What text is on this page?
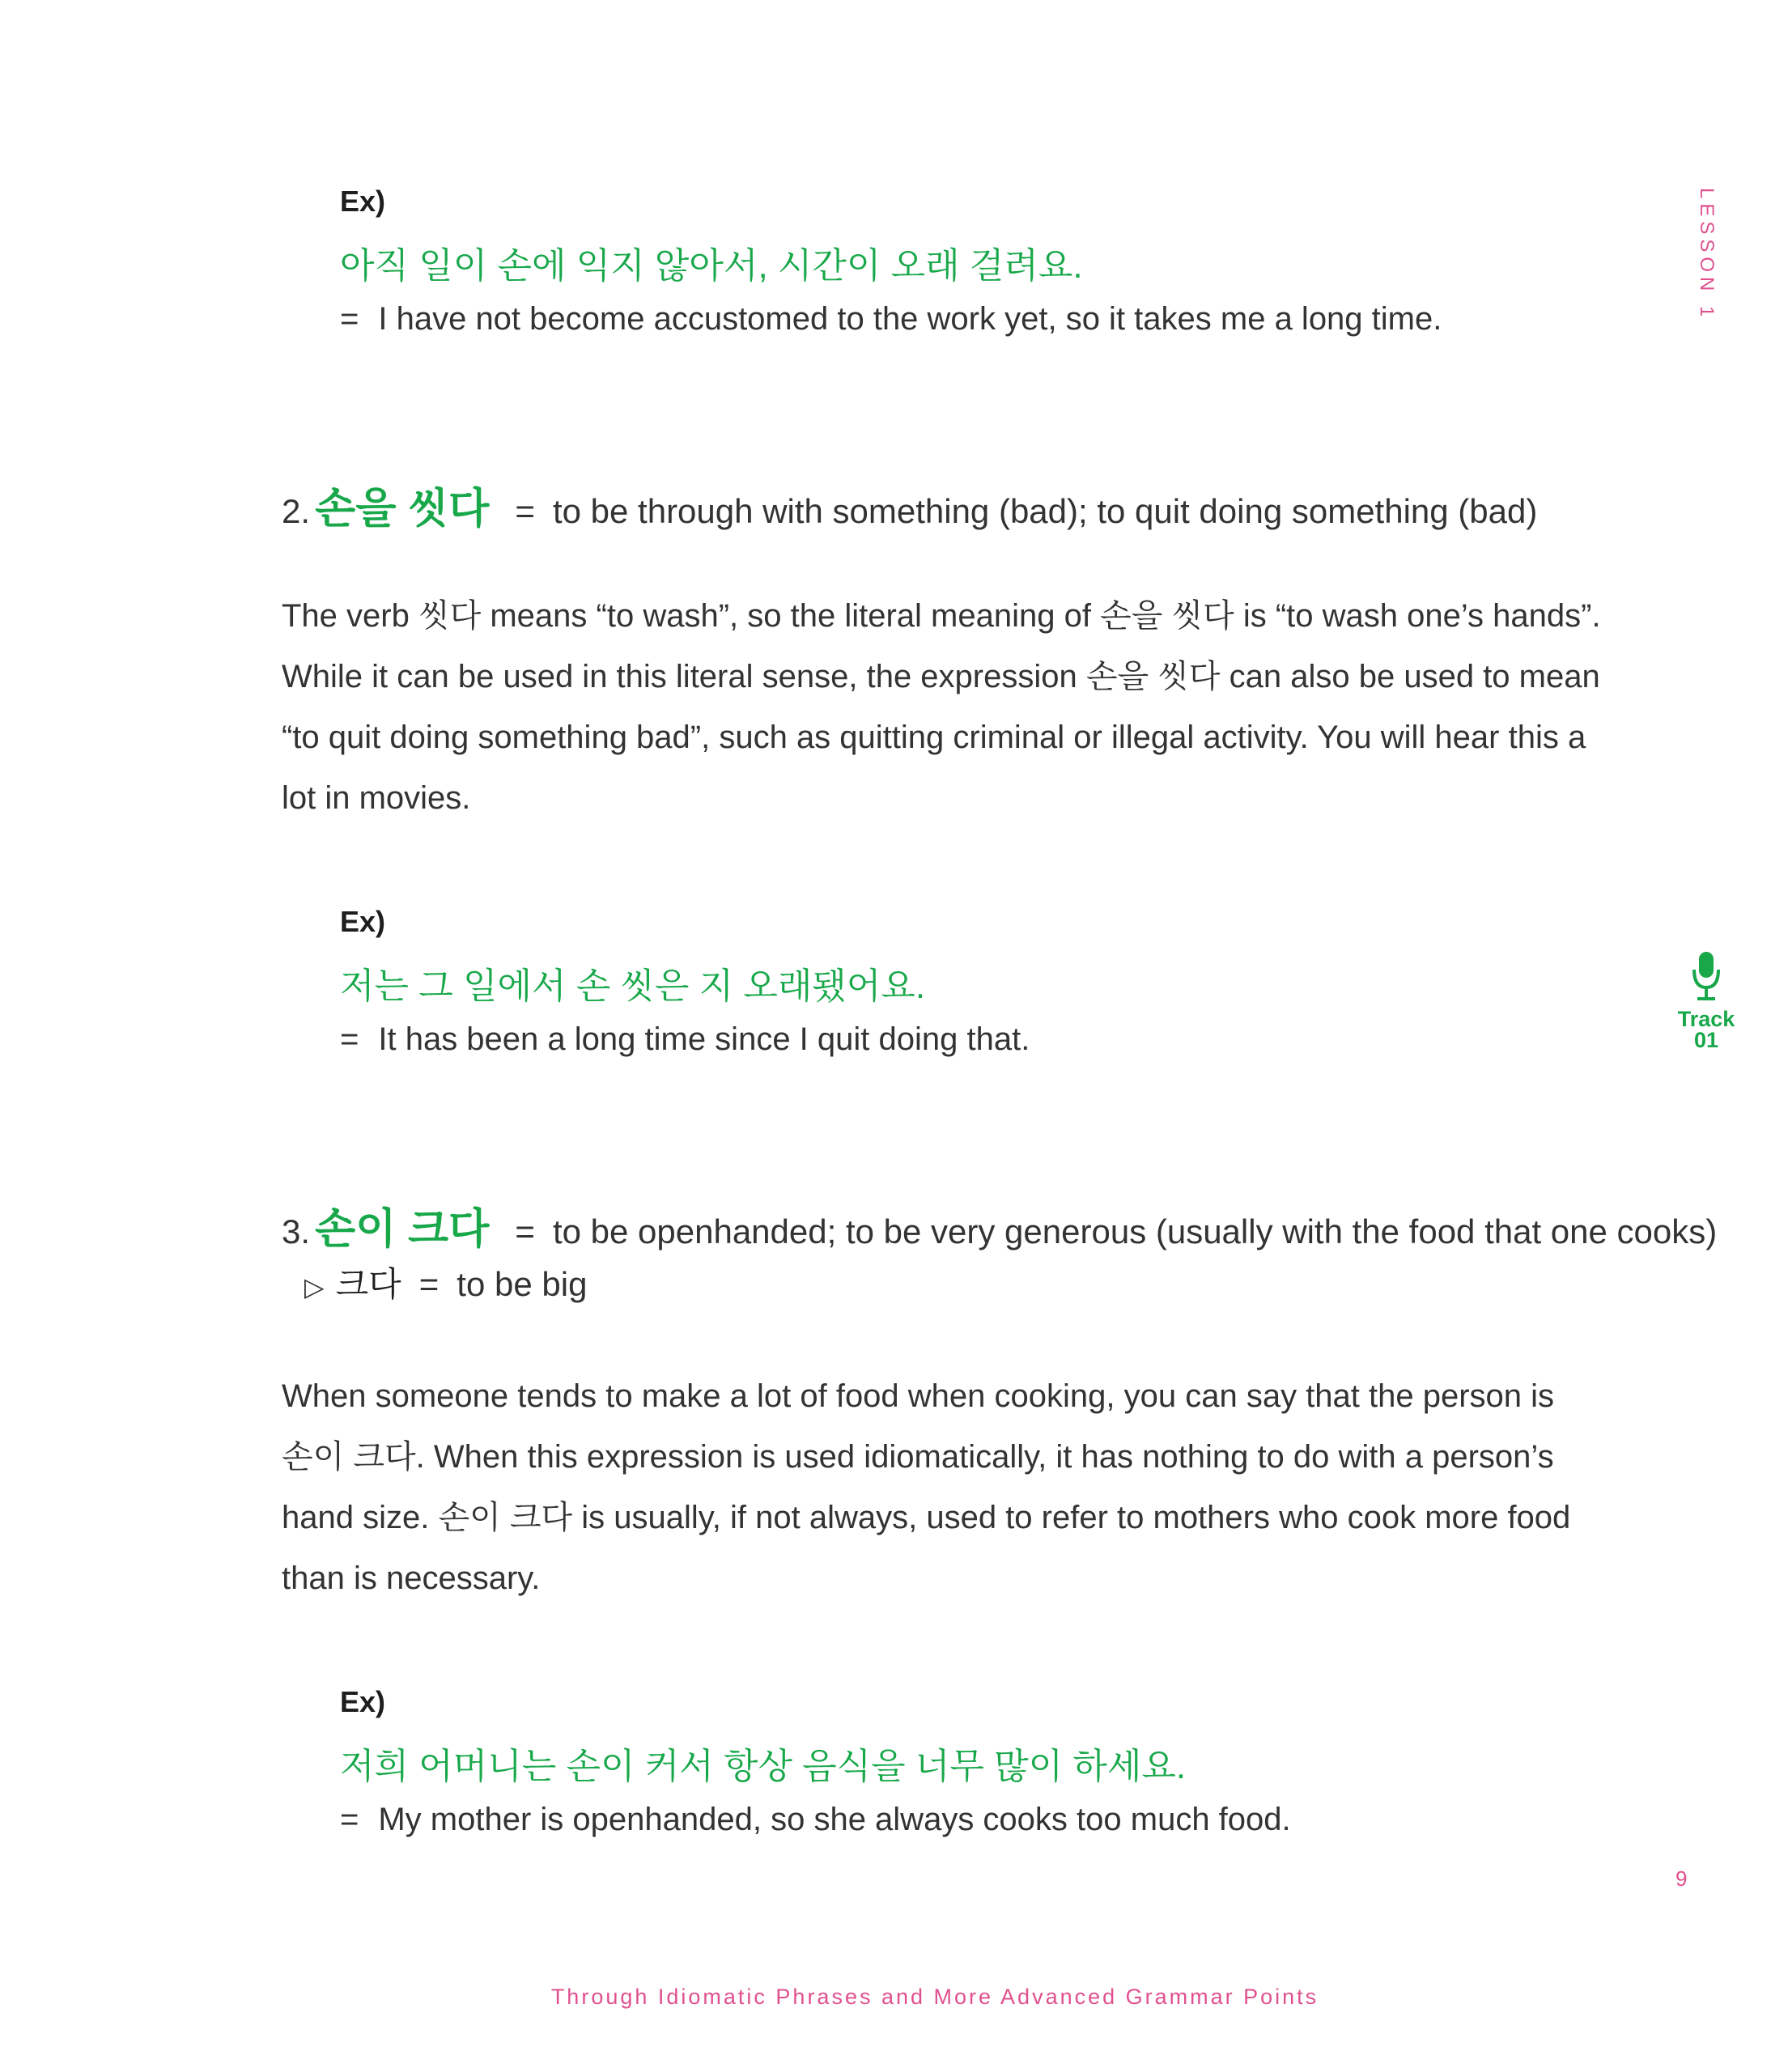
Ex)
아직 일이 손에 익지 않아서, 시간이 오래 걸려요.
= I have not become accustomed to the work yet, so it takes me a long time.
2. 손을 씻다 = to be through with something (bad); to quit doing something (bad)
The verb 씻다 means “to wash”, so the literal meaning of 손을 씻다 is “to wash one’s hands”.
While it can be used in this literal sense, the expression 손을 씻다 can also be used to mean
“to quit doing something bad”, such as quitting criminal or illegal activity. You will hear this a
lot in movies.
Ex)
저는 그 일에서 손 씻은 지 오래됐어요.
= It has been a long time since I quit doing that.
3. 손이 크다 = to be openhanded; to be very generous (usually with the food that one cooks)
▷ 크다 = to be big
When someone tends to make a lot of food when cooking, you can say that the person is
손이 크다. When this expression is used idiomatically, it has nothing to do with a person’s
hand size. 손이 크다 is usually, if not always, used to refer to mothers who cook more food
than is necessary.
Ex)
저희 어머니는 손이 커서 항상 음식을 너무 많이 하세요.
= My mother is openhanded, so she always cooks too much food.
LESSON 1
Track
01
9
Through Idiomatic Phrases and More Advanced Grammar Points
